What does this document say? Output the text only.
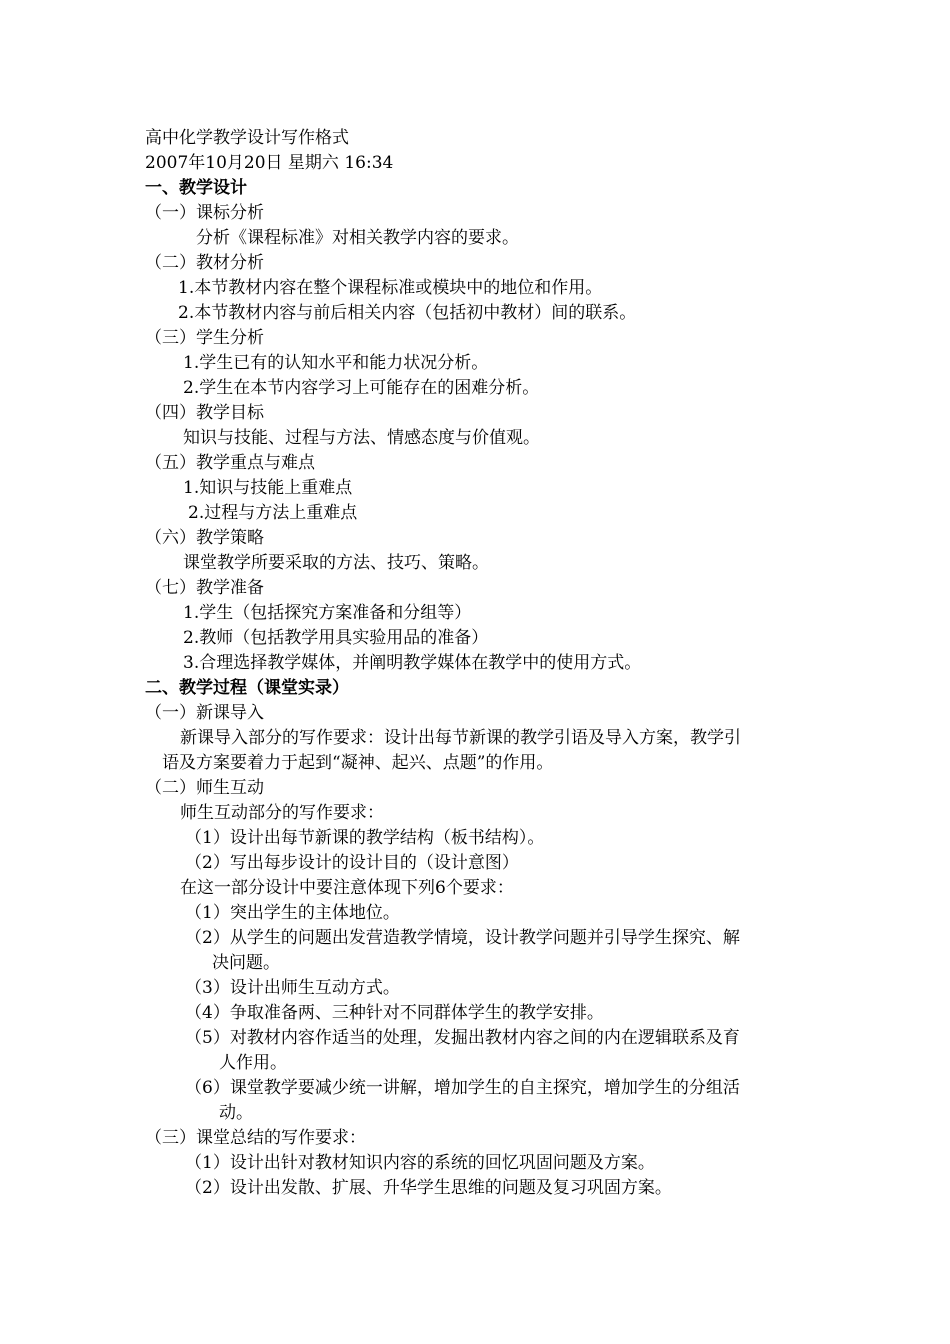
高中化学教学设计写作格式

2007年10月20日 星期六 16:34

一、教学设计

（一）课标分析

分析《课程标准》对相关教学内容的要求。

（二）教材分析

1.本节教材内容在整个课程标准或模块中的地位和作用。

2.本节教材内容与前后相关内容（包括初中教材）间的联系。

（三）学生分析

1.学生已有的认知水平和能力状况分析。

2.学生在本节内容学习上可能存在的困难分析。

（四）教学目标

知识与技能、过程与方法、情感态度与价值观。

（五）教学重点与难点

1.知识与技能上重难点

2.过程与方法上重难点

（六）教学策略

课堂教学所要采取的方法、技巧、策略。

（七）教学准备

1.学生（包括探究方案准备和分组等）

2.教师（包括教学用具实验用品的准备）

3.合理选择教学媒体，并阐明教学媒体在教学中的使用方式。

二、教学过程（课堂实录）

（一）新课导入

新课导入部分的写作要求：设计出每节新课的教学引语及导入方案，教学引

语及方案要着力于起到“凝神、起兴、点题”的作用。

（二）师生互动

师生互动部分的写作要求：

（1）设计出每节新课的教学结构（板书结构）。

（2）写出每步设计的设计目的（设计意图）

在这一部分设计中要注意体现下列6个要求：

（1）突出学生的主体地位。

（2）从学生的问题出发营造教学情境，设计教学问题并引导学生探究、解

决问题。

（3）设计出师生互动方式。

（4）争取准备两、三种针对不同群体学生的教学安排。

（5）对教材内容作适当的处理，发掘出教材内容之间的内在逻辑联系及育

人作用。

（6）课堂教学要减少统一讲解，增加学生的自主探究，增加学生的分组活

动。

（三）课堂总结的写作要求：

（1）设计出针对教材知识内容的系统的回忆巩固问题及方案。

（2）设计出发散、扩展、升华学生思维的问题及复习巩固方案。
